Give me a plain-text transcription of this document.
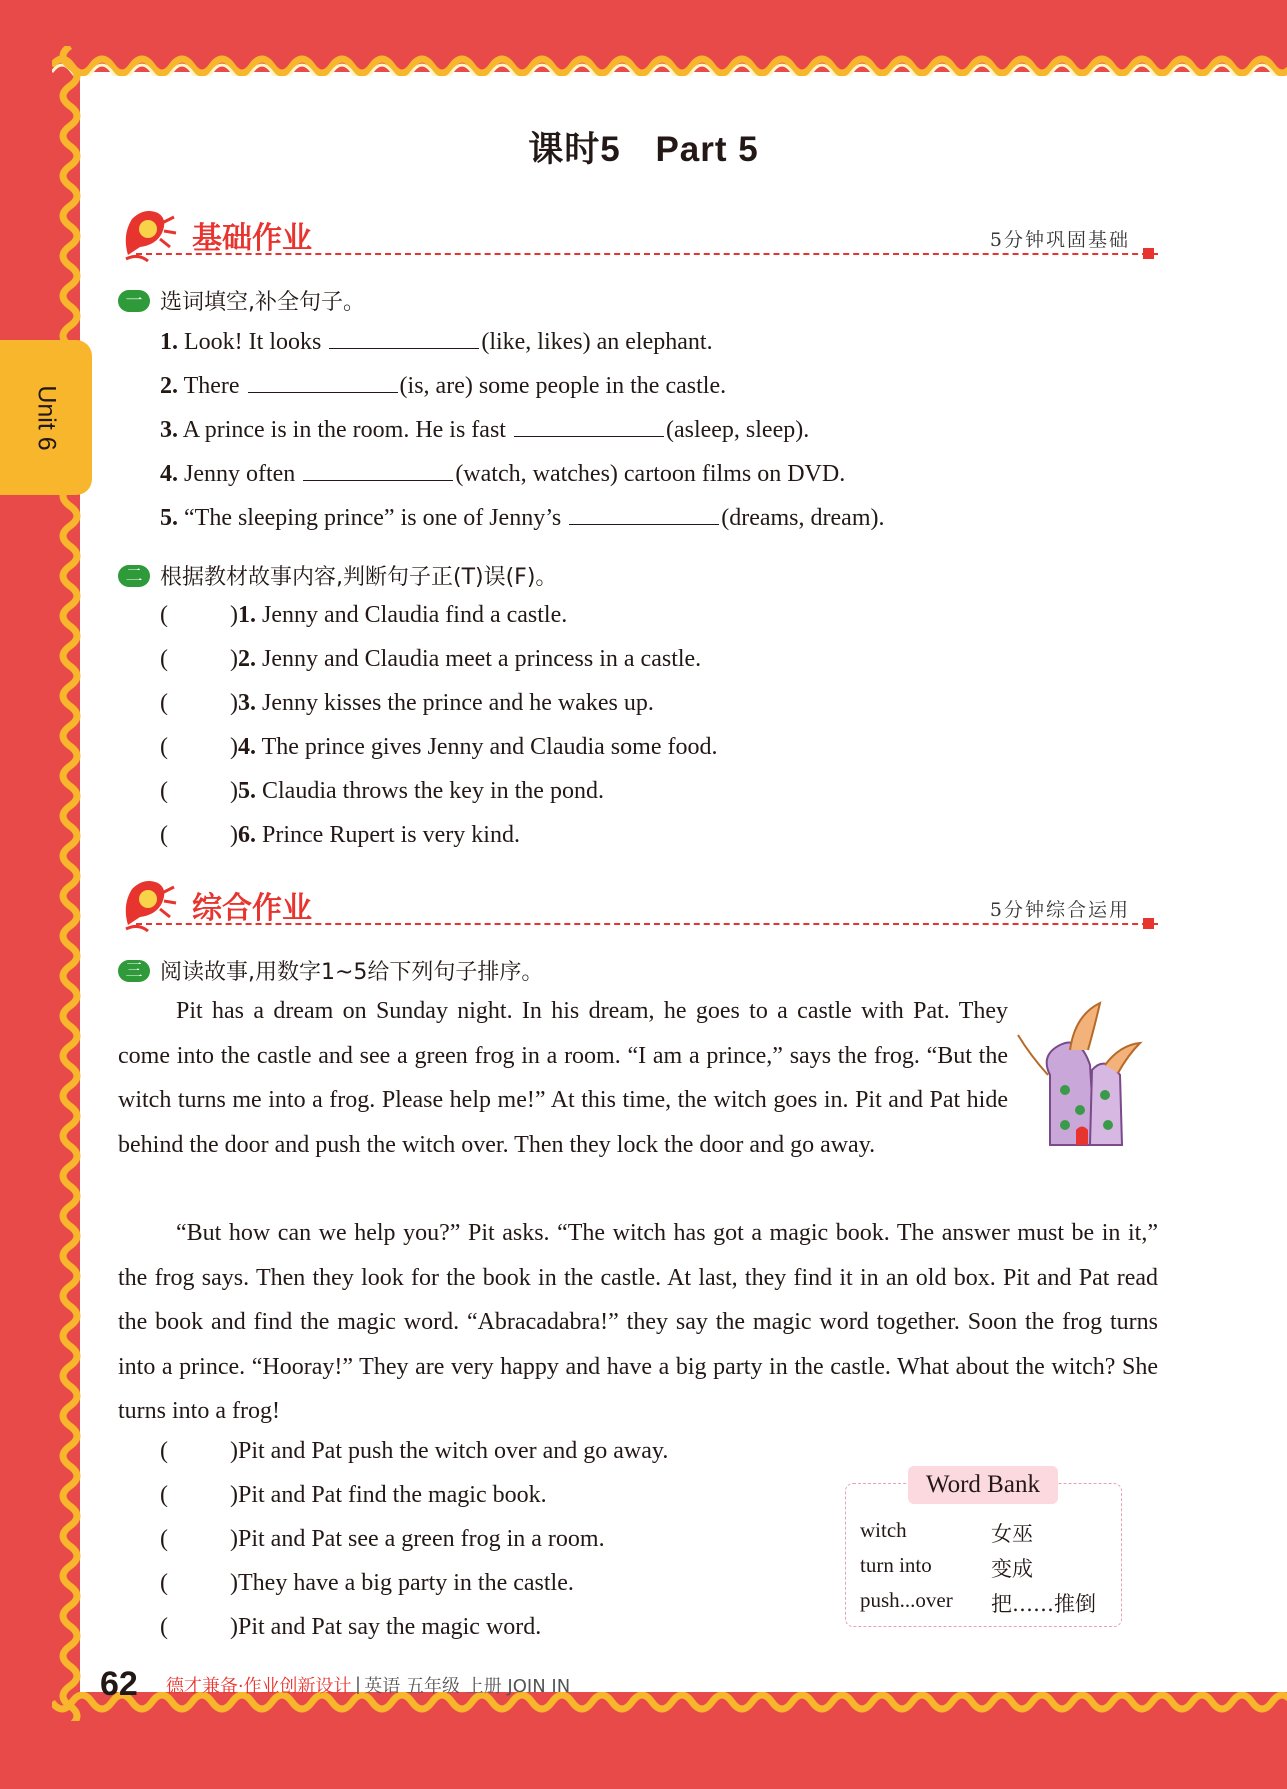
Unit 6
课时5 Part 5
基础作业	5分钟巩固基础
一 选词填空,补全句子。
1. Look! It looks	(like, likes) an elephant.
2. There	(is, are) some people in the castle.
3. A prince is in the room. He is fast	(asleep, sleep).
4. Jenny often	(watch, watches) cartoon films on DVD.
5. “The sleeping prince” is one of Jenny’s	(dreams, dream).
二 根据教材故事内容,判断句子正(T)误(F)。
(	)1. Jenny and Claudia find a castle.
(	)2. Jenny and Claudia meet a princess in a castle.
(	)3. Jenny kisses the prince and he wakes up.
(	)4. The prince gives Jenny and Claudia some food.
(	)5. Claudia throws the key in the pond.
(	)6. Prince Rupert is very kind.
综合作业	5分钟综合运用
三 阅读故事,用数字1~5给下列句子排序。
Pit has a dream on Sunday night. In his dream, he goes to a castle with Pat. They come into the castle and see a green frog in a room. “I am a prince,” says the frog. “But the witch turns me into a frog. Please help me!” At this time, the witch goes in. Pit and Pat hide behind the door and push the witch over. Then they lock the door and go away.
“But how can we help you?” Pit asks. “The witch has got a magic book. The answer must be in it,” the frog says. Then they look for the book in the castle. At last, they find it in an old box. Pit and Pat read the book and find the magic word. “Abracadabra!” they say the magic word together. Soon the frog turns into a prince. “Hooray!” They are very happy and have a big party in the castle. What about the witch? She turns into a frog!
(	)Pit and Pat push the witch over and go away.
(	)Pit and Pat find the magic book.
(	)Pit and Pat see a green frog in a room.
(	)They have a big party in the castle.
(	)Pit and Pat say the magic word.
Word Bank
witch	女巫
turn into	变成
push...over 把……推倒
62 德才兼备·作业创新设计 | 英语 五年级 上册 JOIN IN
